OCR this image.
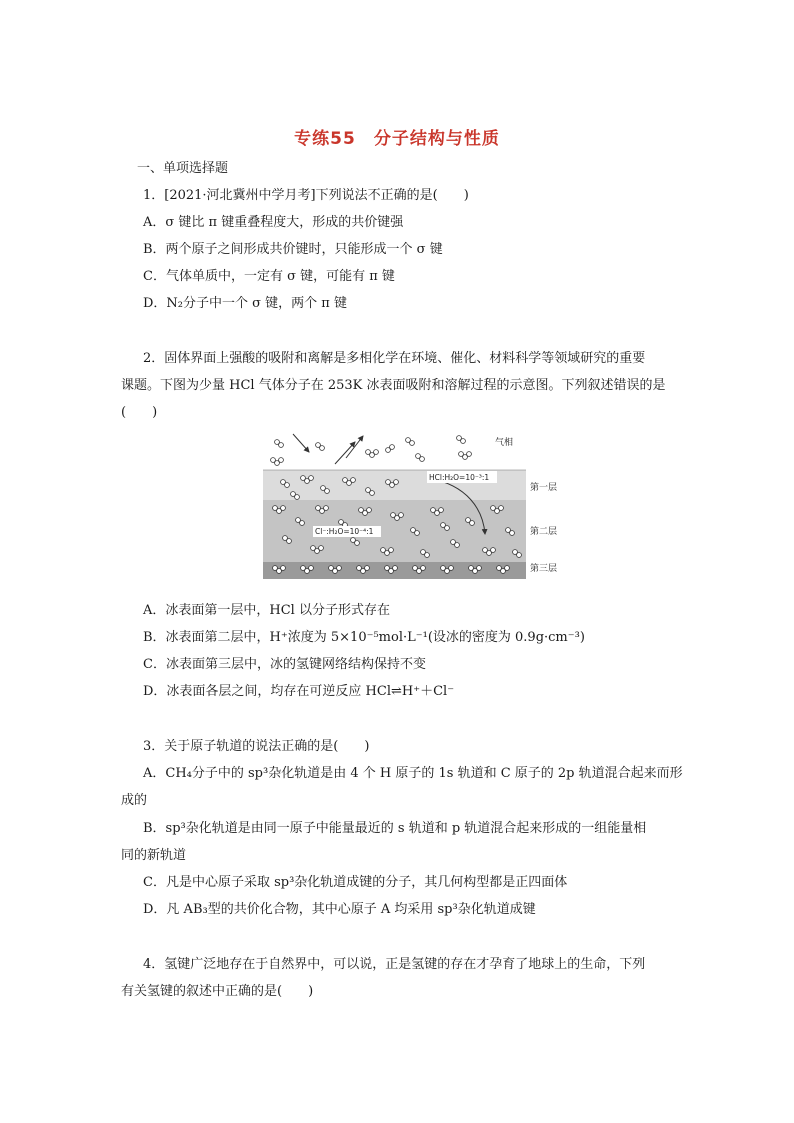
专练55　分子结构与性质
一、单项选择题
1．[2021·河北冀州中学月考]下列说法不正确的是(　　)
A．σ 键比 π 键重叠程度大，形成的共价键强
B．两个原子之间形成共价键时，只能形成一个 σ 键
C．气体单质中，一定有 σ 键，可能有 π 键
D．N₂分子中一个 σ 键，两个 π 键
2．固体界面上强酸的吸附和离解是多相化学在环境、催化、材料科学等领域研究的重要
课题。下图为少量 HCl 气体分子在 253K 冰表面吸附和溶解过程的示意图。下列叙述错误的是
(　　)
气相
HCl:H₂O=10⁻³:1
Cl⁻:H₂O=10⁻⁴:1
第一层
第二层
第三层
A．冰表面第一层中，HCl 以分子形式存在
B．冰表面第二层中，H⁺浓度为 5×10⁻⁵mol·L⁻¹(设冰的密度为 0.9g·cm⁻³)
C．冰表面第三层中，冰的氢键网络结构保持不变
D．冰表面各层之间，均存在可逆反应 HCl⇌H⁺＋Cl⁻
3．关于原子轨道的说法正确的是(　　)
A．CH₄分子中的 sp³杂化轨道是由 4 个 H 原子的 1s 轨道和 C 原子的 2p 轨道混合起来而形
成的
B．sp³杂化轨道是由同一原子中能量最近的 s 轨道和 p 轨道混合起来形成的一组能量相
同的新轨道
C．凡是中心原子采取 sp³杂化轨道成键的分子，其几何构型都是正四面体
D．凡 AB₃型的共价化合物，其中心原子 A 均采用 sp³杂化轨道成键
4．氢键广泛地存在于自然界中，可以说，正是氢键的存在才孕育了地球上的生命，下列
有关氢键的叙述中正确的是(　　)
